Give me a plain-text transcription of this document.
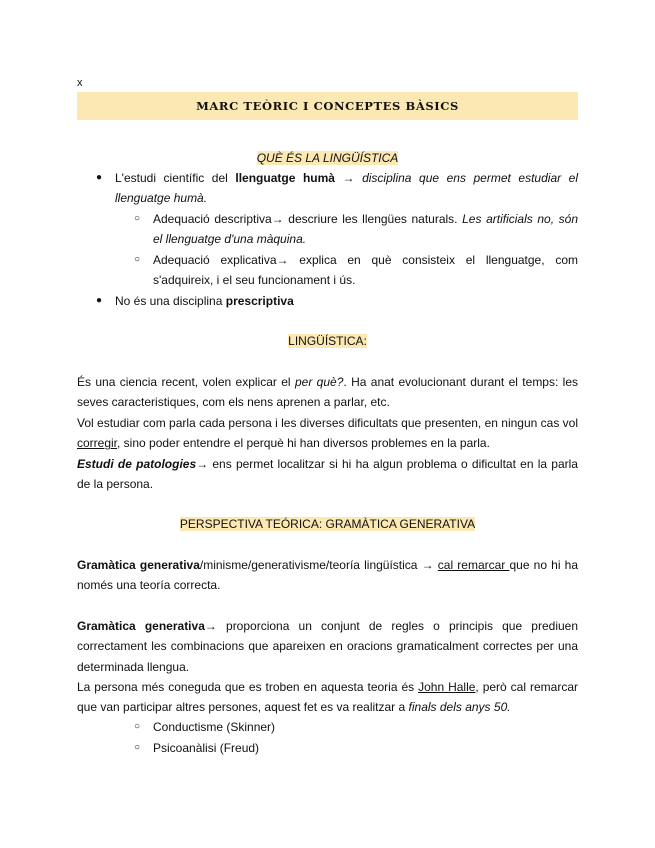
x
MARC TEÒRIC I CONCEPTES BÀSICS
QUÈ ÉS LA LINGÜÍSTICA
● L'estudi científic del llenguatge humà → disciplina que ens permet estudiar el llenguatge humà.
○ Adequació descriptiva→ descriure les llengües naturals. Les artificials no, són el llenguatge d'una màquina.
○ Adequació explicativa→ explica en què consisteix el llenguatge, com s'adquireix, i el seu funcionament i ús.
● No és una disciplina prescriptiva
LINGÜÍSTICA:
És una ciencia recent, volen explicar el per què?. Ha anat evolucionant durant el temps: les seves caracteristiques, com els nens aprenen a parlar, etc.
Vol estudiar com parla cada persona i les diverses dificultats que presenten, en ningun cas vol corregir, sino poder entendre el perquè hi han diversos problemes en la parla.
Estudi de patologies→ ens permet localitzar si hi ha algun problema o dificultat en la parla de la persona.
PERSPECTIVA TEÓRICA: GRAMÀTICA GENERATIVA
Gramàtica generativa/minisme/generativisme/teoría lingüística → cal remarcar que no hi ha només una teoría correcta.
Gramàtica generativa→ proporciona un conjunt de regles o principis que prediuen correctament les combinacions que apareixen en oracions gramaticalment correctes per una determinada llengua.
La persona més coneguda que es troben en aquesta teoria és John Halle, però cal remarcar que van participar altres persones, aquest fet es va realitzar a finals dels anys 50.
○ Conductisme (Skinner)
○ Psicoanàlisi (Freud)
